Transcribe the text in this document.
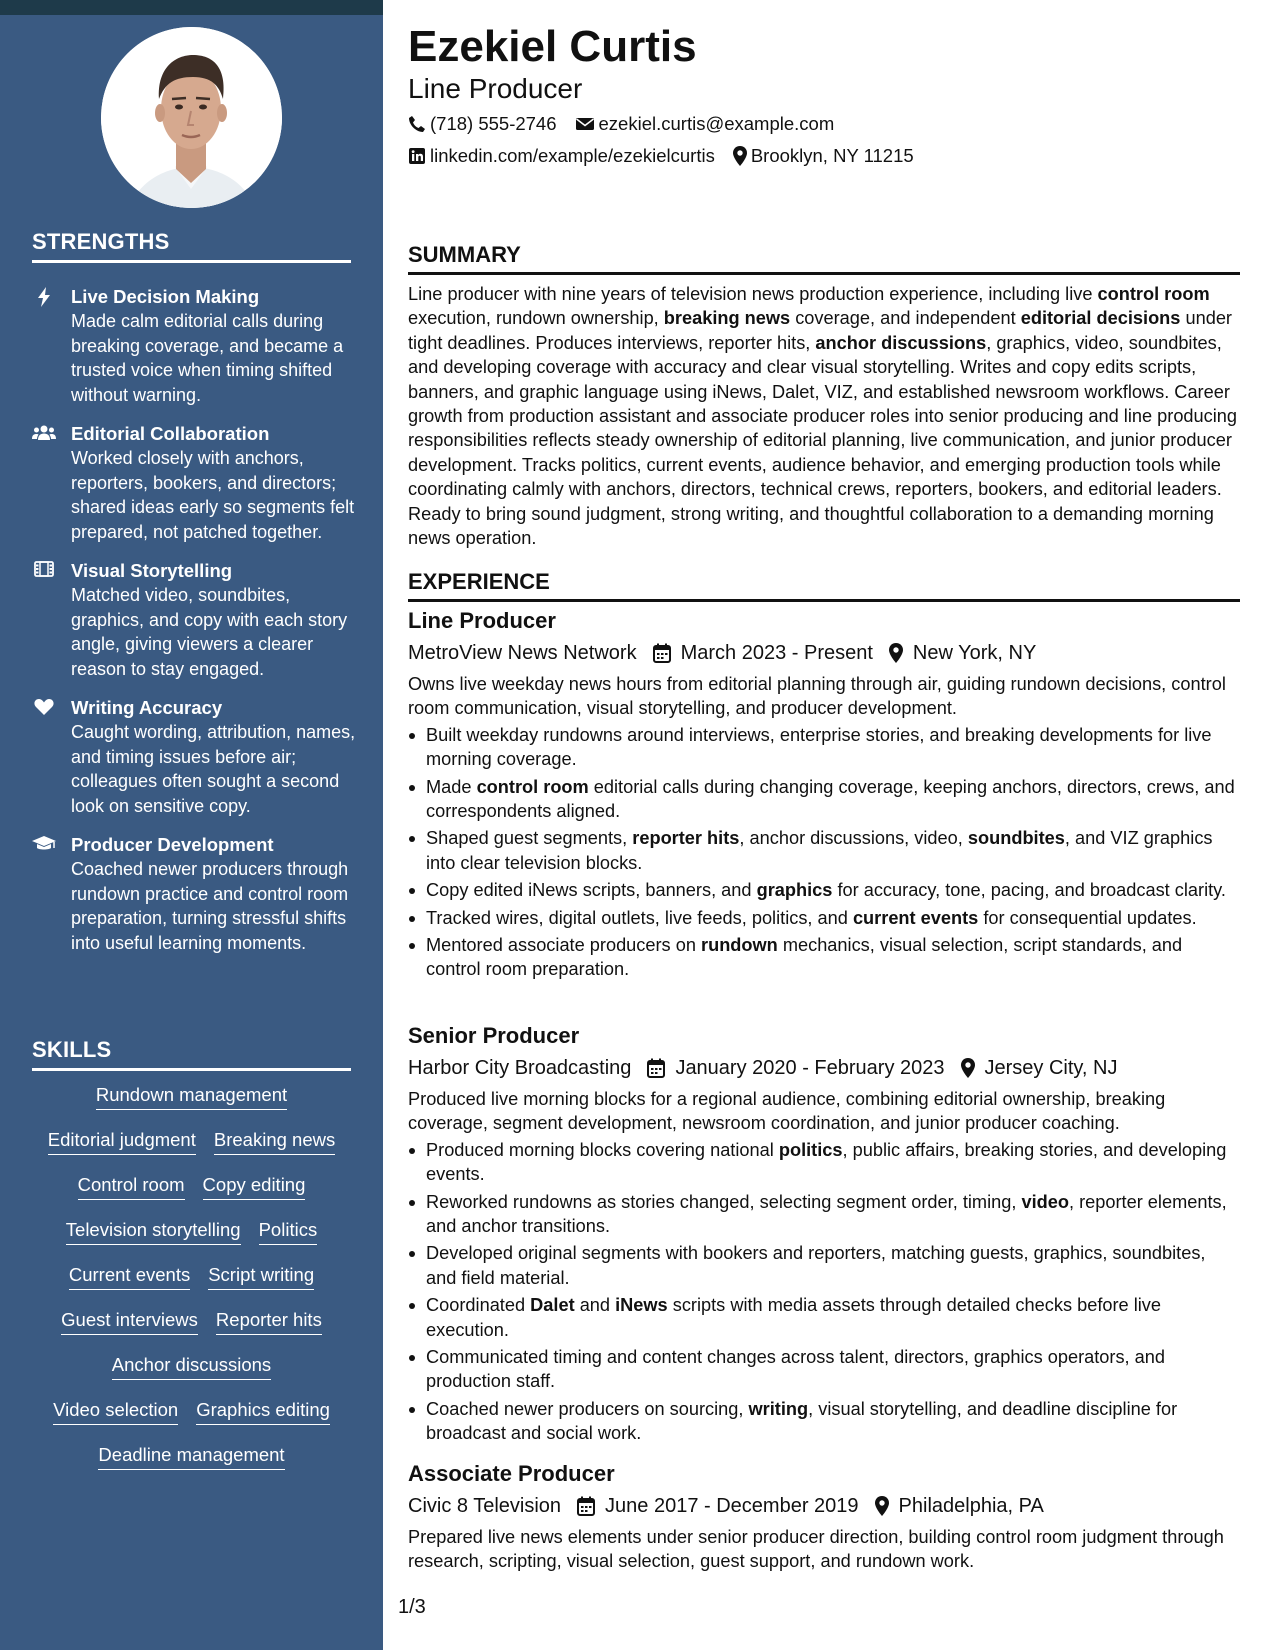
STRENGTHS
Live Decision Making
Made calm editorial calls during breaking coverage, and became a trusted voice when timing shifted without warning.
Editorial Collaboration
Worked closely with anchors, reporters, bookers, and directors; shared ideas early so segments felt prepared, not patched together.
Visual Storytelling
Matched video, soundbites, graphics, and copy with each story angle, giving viewers a clearer reason to stay engaged.
Writing Accuracy
Caught wording, attribution, names, and timing issues before air; colleagues often sought a second look on sensitive copy.
Producer Development
Coached newer producers through rundown practice and control room preparation, turning stressful shifts into useful learning moments.
SKILLS
Rundown management
Editorial judgment Breaking news
Control room Copy editing
Television storytelling Politics
Current events Script writing
Guest interviews Reporter hits
Anchor discussions
Video selection Graphics editing
Deadline management
Ezekiel Curtis
Line Producer
(718) 555-2746 ezekiel.curtis@example.com
linkedin.com/example/ezekielcurtis Brooklyn, NY 11215
SUMMARY
Line producer with nine years of television news production experience, including live control room execution, rundown ownership, breaking news coverage, and independent editorial decisions under tight deadlines. Produces interviews, reporter hits, anchor discussions, graphics, video, soundbites, and developing coverage with accuracy and clear visual storytelling. Writes and copy edits scripts, banners, and graphic language using iNews, Dalet, VIZ, and established newsroom workflows. Career growth from production assistant and associate producer roles into senior producing and line producing responsibilities reflects steady ownership of editorial planning, live communication, and junior producer development. Tracks politics, current events, audience behavior, and emerging production tools while coordinating calmly with anchors, directors, technical crews, reporters, bookers, and editorial leaders. Ready to bring sound judgment, strong writing, and thoughtful collaboration to a demanding morning news operation.
EXPERIENCE
Line Producer
MetroView News Network March 2023 - Present New York, NY
Owns live weekday news hours from editorial planning through air, guiding rundown decisions, control room communication, visual storytelling, and producer development.
Built weekday rundowns around interviews, enterprise stories, and breaking developments for live morning coverage.
Made control room editorial calls during changing coverage, keeping anchors, directors, crews, and correspondents aligned.
Shaped guest segments, reporter hits, anchor discussions, video, soundbites, and VIZ graphics into clear television blocks.
Copy edited iNews scripts, banners, and graphics for accuracy, tone, pacing, and broadcast clarity.
Tracked wires, digital outlets, live feeds, politics, and current events for consequential updates.
Mentored associate producers on rundown mechanics, visual selection, script standards, and control room preparation.
Senior Producer
Harbor City Broadcasting January 2020 - February 2023 Jersey City, NJ
Produced live morning blocks for a regional audience, combining editorial ownership, breaking coverage, segment development, newsroom coordination, and junior producer coaching.
Produced morning blocks covering national politics, public affairs, breaking stories, and developing events.
Reworked rundowns as stories changed, selecting segment order, timing, video, reporter elements, and anchor transitions.
Developed original segments with bookers and reporters, matching guests, graphics, soundbites, and field material.
Coordinated Dalet and iNews scripts with media assets through detailed checks before live execution.
Communicated timing and content changes across talent, directors, graphics operators, and production staff.
Coached newer producers on sourcing, writing, visual storytelling, and deadline discipline for broadcast and social work.
Associate Producer
Civic 8 Television June 2017 - December 2019 Philadelphia, PA
Prepared live news elements under senior producer direction, building control room judgment through research, scripting, visual selection, guest support, and rundown work.
1/3
